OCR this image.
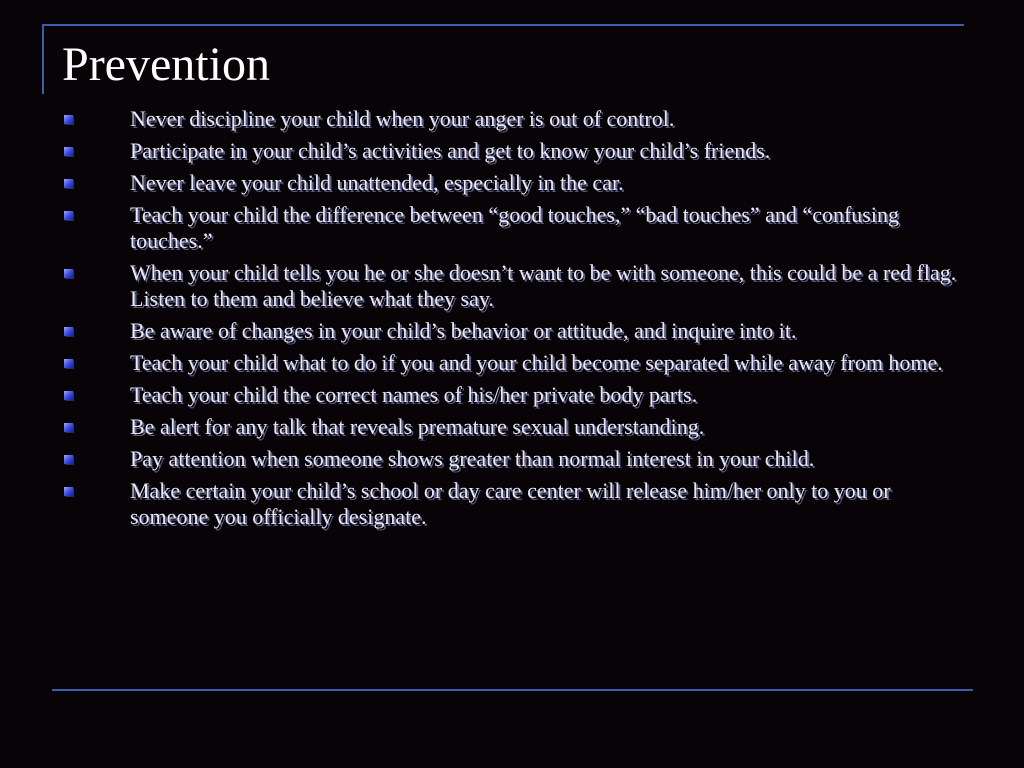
Prevention
Never discipline your child when your anger is out of control.
Participate in your child’s activities and get to know your child’s friends.
Never leave your child unattended, especially in the car.
Teach your child the difference between “good touches,” “bad touches” and “confusing touches.”
When your child tells you he or she doesn’t want to be with someone, this could be a red flag. Listen to them and believe what they say.
Be aware of changes in your child’s behavior or attitude, and inquire into it.
Teach your child what to do if you and your child become separated while away from home.
Teach your child the correct names of his/her private body parts.
Be alert for any talk that reveals premature sexual understanding.
Pay attention when someone shows greater than normal interest in your child.
Make certain your child’s school or day care center will release him/her only to you or someone you officially designate.
